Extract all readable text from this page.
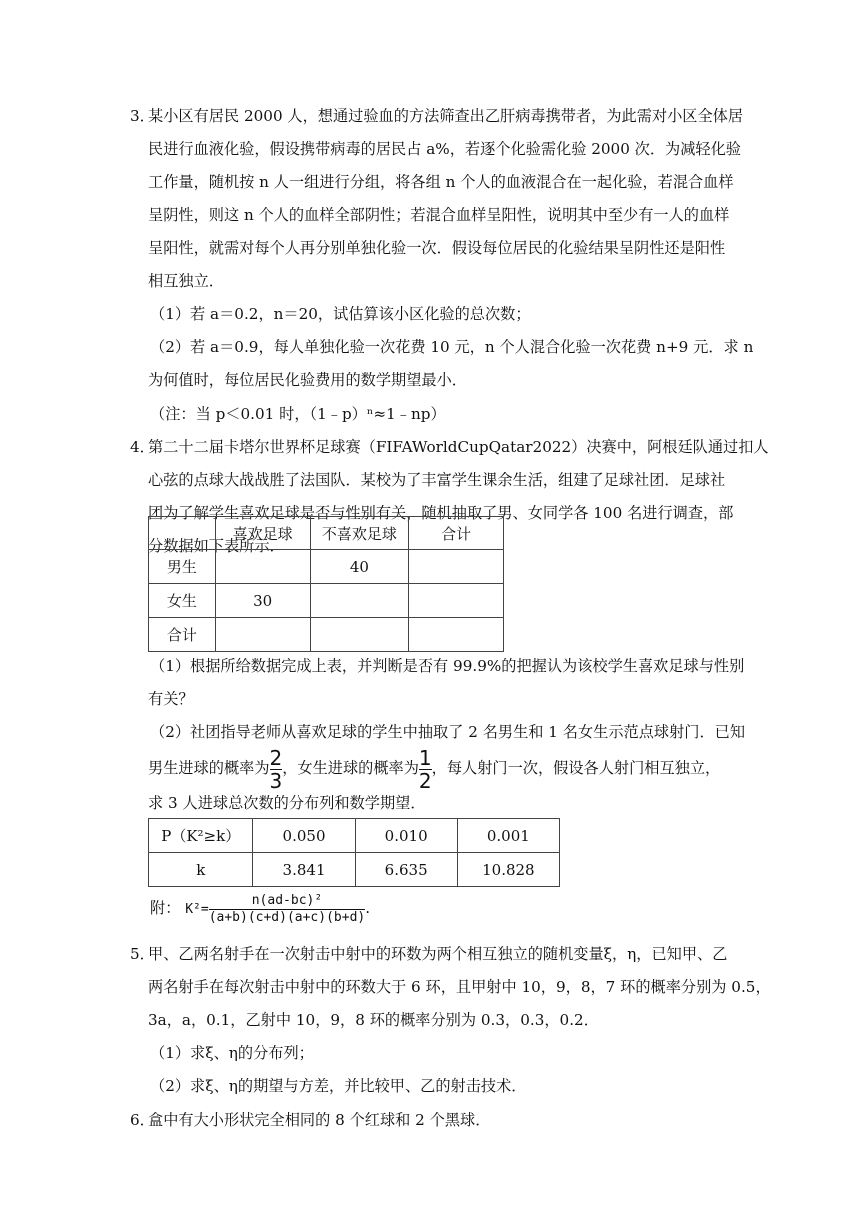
3．某小区有居民 2000 人，想通过验血的方法筛查出乙肝病毒携带者，为此需对小区全体居
民进行血液化验，假设携带病毒的居民占 a%，若逐个化验需化验 2000 次．为减轻化验
工作量，随机按 n 人一组进行分组，将各组 n 个人的血液混合在一起化验，若混合血样
呈阴性，则这 n 个人的血样全部阴性；若混合血样呈阳性，说明其中至少有一人的血样
呈阳性，就需对每个人再分别单独化验一次．假设每位居民的化验结果呈阴性还是阳性
相互独立．
（1）若 a＝0.2，n＝20，试估算该小区化验的总次数；
（2）若 a＝0.9，每人单独化验一次花费 10 元，n 个人混合化验一次花费 n+9 元．求 n
为何值时，每位居民化验费用的数学期望最小．
（注：当 p＜0.01 时，（1﹣p）ⁿ≈1﹣np）
4．第二十二届卡塔尔世界杯足球赛（FIFAWorldCupQatar2022）决赛中，阿根廷队通过扣人
心弦的点球大战战胜了法国队．某校为了丰富学生课余生活，组建了足球社团．足球社
团为了解学生喜欢足球是否与性别有关，随机抽取了男、女同学各 100 名进行调查，部
分数据如下表所示．
	喜欢足球	不喜欢足球	合计
男生		40	
女生	30		
合计			
（1）根据所给数据完成上表，并判断是否有 99.9%的把握认为该校学生喜欢足球与性别
有关？
（2）社团指导老师从喜欢足球的学生中抽取了 2 名男生和 1 名女生示范点球射门．已知
男生进球的概率为 $\frac{2}{3}$ ，女生进球的概率为 $\frac{1}{2}$ ，每人射门一次，假设各人射门相互独立，
求 3 人进球总次数的分布列和数学期望．
P（K²≥k）	0.050	0.010	0.001
k	3.841	6.635	10.828
附： $K^2= \frac{\text{n(ad-bc)²}}{(a+b)(c+d)(a+c)(b+d)}$ .
5．甲、乙两名射手在一次射击中射中的环数为两个相互独立的随机变量ξ，η，已知甲、乙
两名射手在每次射击中射中的环数大于 6 环，且甲射中 10，9，8，7 环的概率分别为 0.5，
3a，a，0.1，乙射中 10，9，8 环的概率分别为 0.3，0.3，0.2．
（1）求ξ、η的分布列；
（2）求ξ、η的期望与方差，并比较甲、乙的射击技术．
6．盒中有大小形状完全相同的 8 个红球和 2 个黑球．
